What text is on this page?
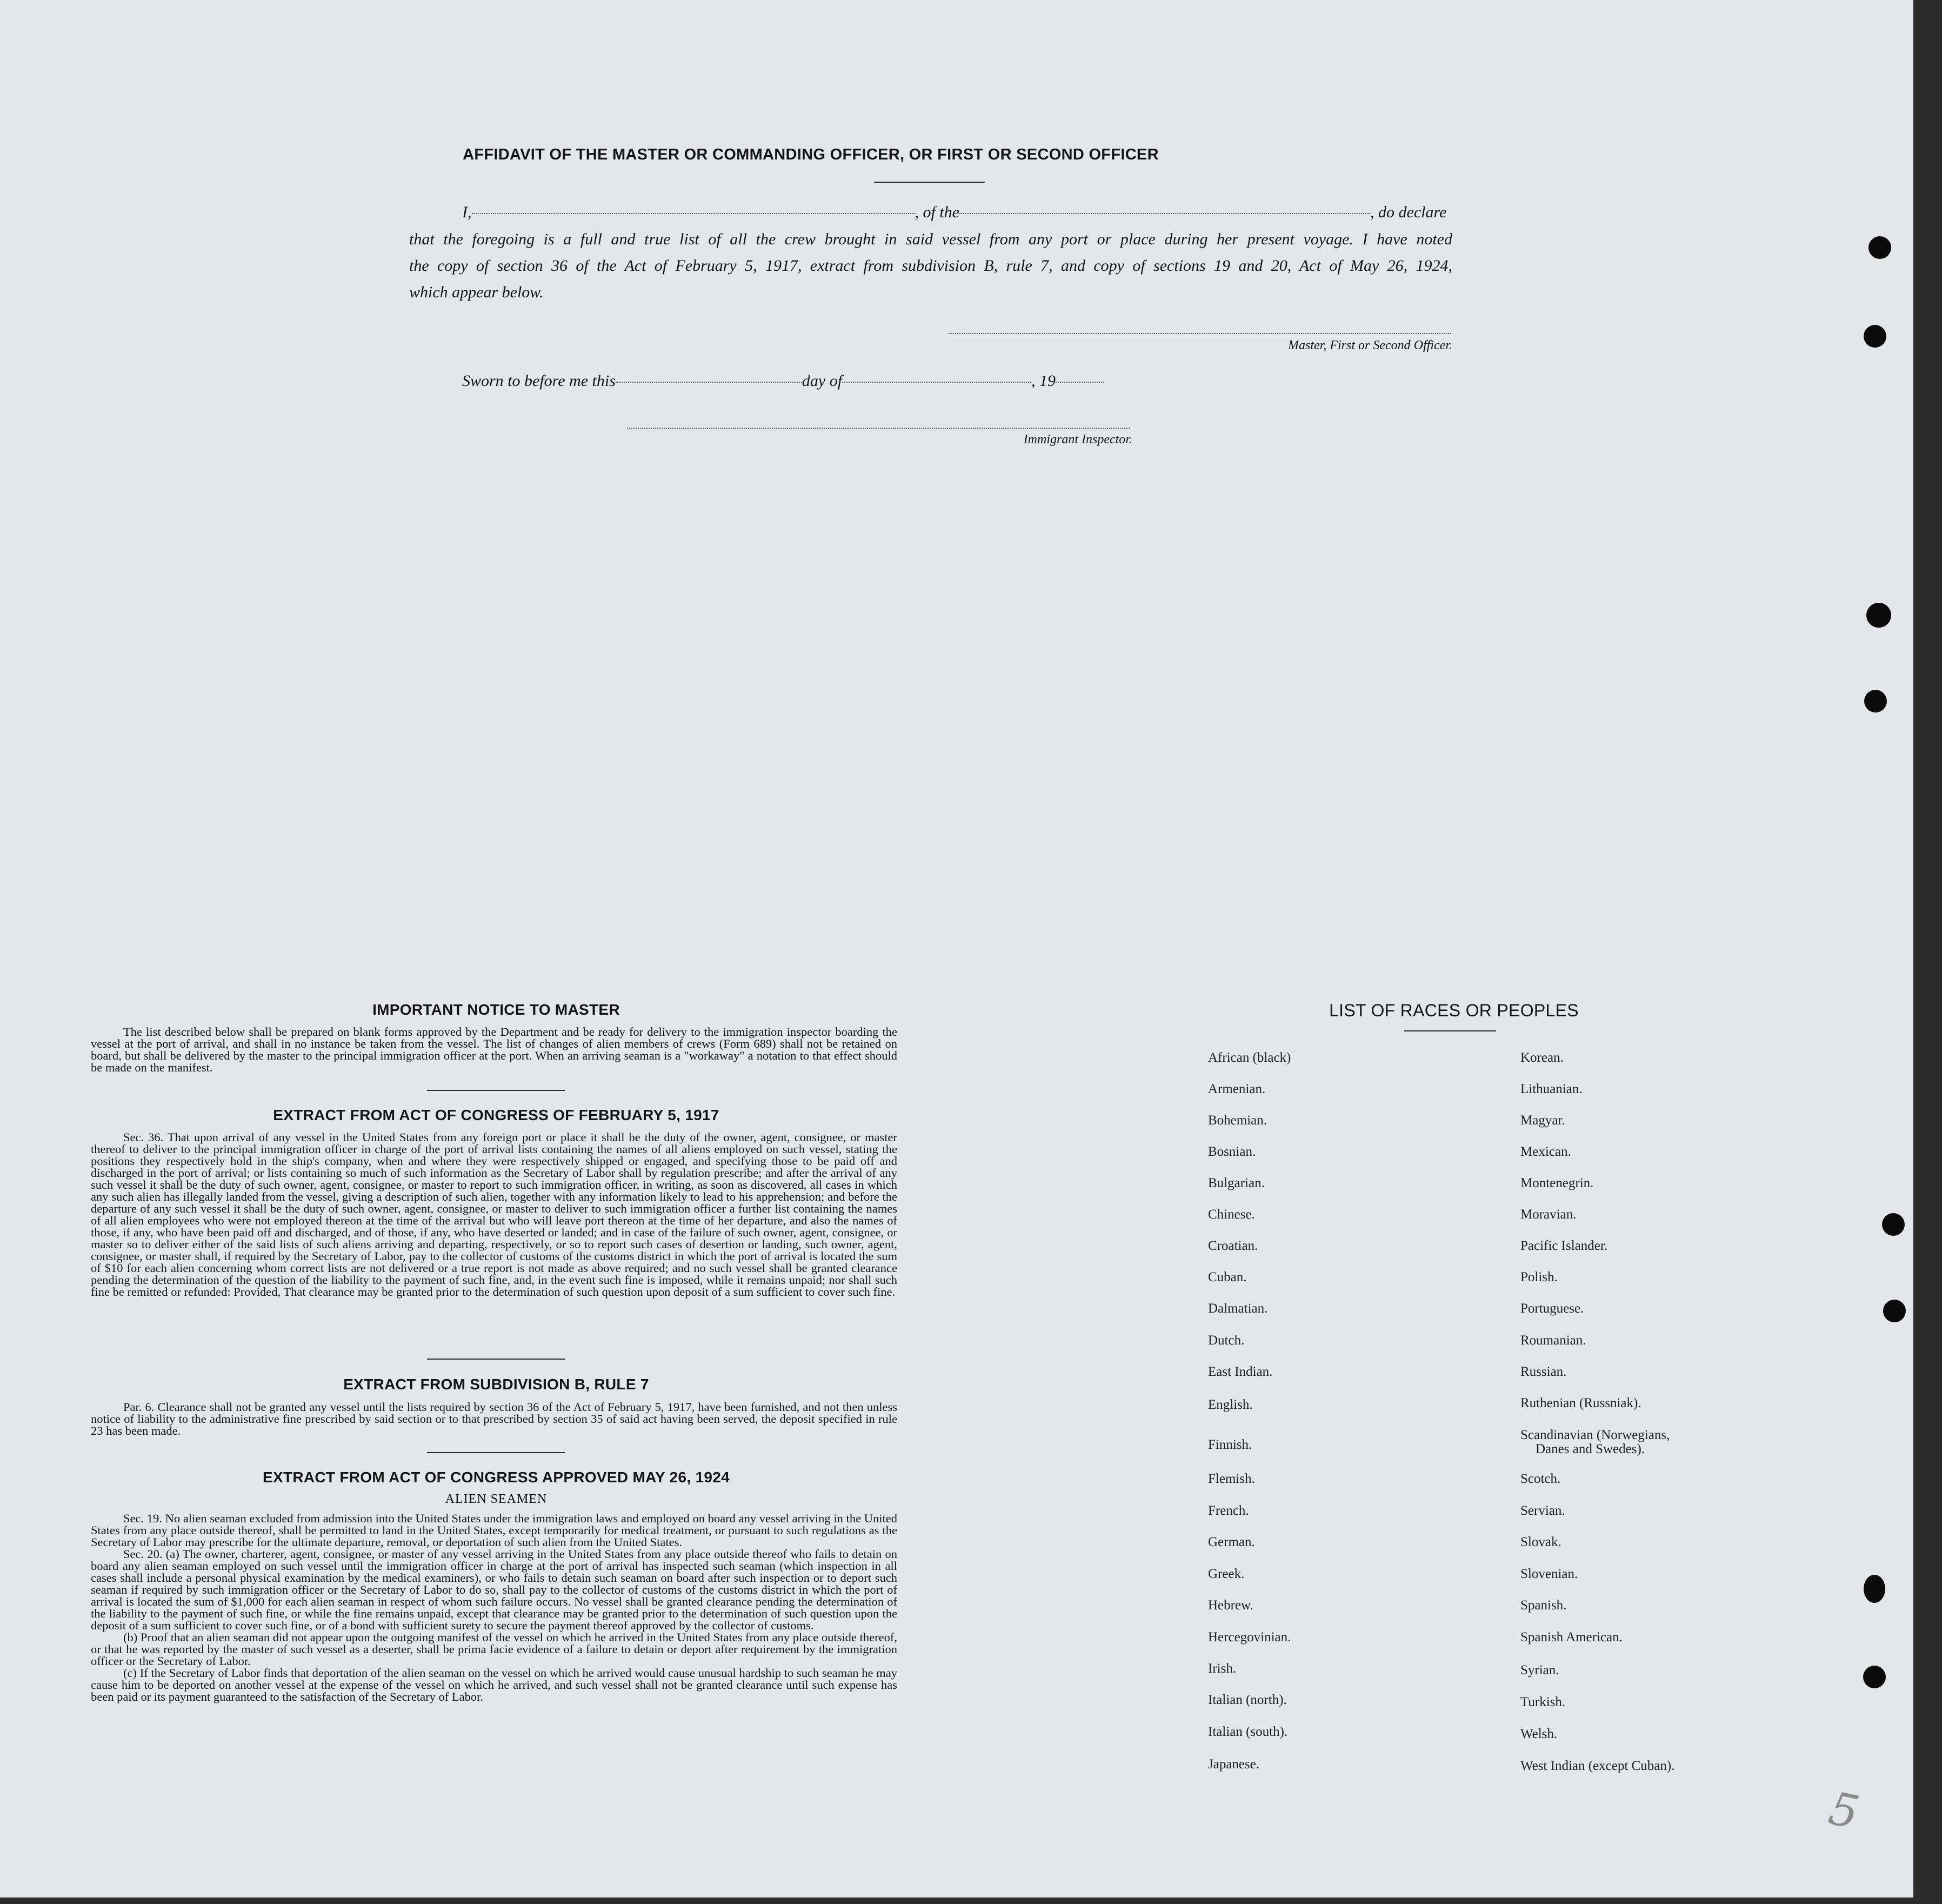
AFFIDAVIT OF THE MASTER OR COMMANDING OFFICER, OR FIRST OR SECOND OFFICER
I,	, of the	, do declare
that the foregoing is a full and true list of all the crew brought in said vessel from any port or place during her present voyage. I have noted
the copy of section 36 of the Act of February 5, 1917, extract from subdivision B, rule 7, and copy of sections 19 and 20, Act of May 26, 1924,
which appear below.
Master, First or Second Officer.
Sworn to before me this	day of	, 19
Immigrant Inspector.
IMPORTANT NOTICE TO MASTER

The list described below shall be prepared on blank forms approved by the Department and be ready for delivery to the immigration inspector boarding the vessel at the port of arrival, and shall in no instance be taken from the vessel. The list of changes of alien members of crews (Form 689) shall not be retained on board, but shall be delivered by the master to the principal immigration officer at the port. When an arriving seaman is a "workaway" a notation to that effect should be made on the manifest.

EXTRACT FROM ACT OF CONGRESS OF FEBRUARY 5, 1917

Sec. 36. That upon arrival of any vessel in the United States from any foreign port or place it shall be the duty of the owner, agent, consignee, or master thereof to deliver to the principal immigration officer in charge of the port of arrival lists containing the names of all aliens employed on such vessel, stating the positions they respectively hold in the ship's company, when and where they were respectively shipped or engaged, and specifying those to be paid off and discharged in the port of arrival; or lists containing so much of such information as the Secretary of Labor shall by regulation prescribe; and after the arrival of any such vessel it shall be the duty of such owner, agent, consignee, or master to report to such immigration officer, in writing, as soon as discovered, all cases in which any such alien has illegally landed from the vessel, giving a description of such alien, together with any information likely to lead to his apprehension; and before the departure of any such vessel it shall be the duty of such owner, agent, consignee, or master to deliver to such immigration officer a further list containing the names of all alien employees who were not employed thereon at the time of the arrival but who will leave port thereon at the time of her departure, and also the names of those, if any, who have been paid off and discharged, and of those, if any, who have deserted or landed; and in case of the failure of such owner, agent, consignee, or master so to deliver either of the said lists of such aliens arriving and departing, respectively, or so to report such cases of desertion or landing, such owner, agent, consignee, or master shall, if required by the Secretary of Labor, pay to the collector of customs of the customs district in which the port of arrival is located the sum of $10 for each alien concerning whom correct lists are not delivered or a true report is not made as above required; and no such vessel shall be granted clearance pending the determination of the question of the liability to the payment of such fine, and, in the event such fine is imposed, while it remains unpaid; nor shall such fine be remitted or refunded: Provided, That clearance may be granted prior to the determination of such question upon deposit of a sum sufficient to cover such fine.

EXTRACT FROM SUBDIVISION B, RULE 7

Par. 6. Clearance shall not be granted any vessel until the lists required by section 36 of the Act of February 5, 1917, have been furnished, and not then unless notice of liability to the administrative fine prescribed by said section or to that prescribed by section 35 of said act having been served, the deposit specified in rule 23 has been made.

EXTRACT FROM ACT OF CONGRESS APPROVED MAY 26, 1924
ALIEN SEAMEN

Sec. 19. No alien seaman excluded from admission into the United States under the immigration laws and employed on board any vessel arriving in the United States from any place outside thereof, shall be permitted to land in the United States, except temporarily for medical treatment, or pursuant to such regulations as the Secretary of Labor may prescribe for the ultimate departure, removal, or deportation of such alien from the United States.

Sec. 20. (a) The owner, charterer, agent, consignee, or master of any vessel arriving in the United States from any place outside thereof who fails to detain on board any alien seaman employed on such vessel until the immigration officer in charge at the port of arrival has inspected such seaman (which inspection in all cases shall include a personal physical examination by the medical examiners), or who fails to detain such seaman on board after such inspection or to deport such seaman if required by such immigration officer or the Secretary of Labor to do so, shall pay to the collector of customs of the customs district in which the port of arrival is located the sum of $1,000 for each alien seaman in respect of whom such failure occurs. No vessel shall be granted clearance pending the determination of the liability to the payment of such fine, or while the fine remains unpaid, except that clearance may be granted prior to the determination of such question upon the deposit of a sum sufficient to cover such fine, or of a bond with sufficient surety to secure the payment thereof approved by the collector of customs.

(b) Proof that an alien seaman did not appear upon the outgoing manifest of the vessel on which he arrived in the United States from any place outside thereof, or that he was reported by the master of such vessel as a deserter, shall be prima facie evidence of a failure to detain or deport after requirement by the immigration officer or the Secretary of Labor.

(c) If the Secretary of Labor finds that deportation of the alien seaman on the vessel on which he arrived would cause unusual hardship to such seaman he may cause him to be deported on another vessel at the expense of the vessel on which he arrived, and such vessel shall not be granted clearance until such expense has been paid or its payment guaranteed to the satisfaction of the Secretary of Labor.

LIST OF RACES OR PEOPLES
African (black)
Armenian.
Bohemian.
Bosnian.
Bulgarian.
Chinese.
Croatian.
Cuban.
Dalmatian.
Dutch.
East Indian.
English.
Finnish.
Flemish.
French.
German.
Greek.
Hebrew.
Hercegovinian.
Irish.
Italian (north).
Italian (south).
Japanese.
Korean.
Lithuanian.
Magyar.
Mexican.
Montenegrin.
Moravian.
Pacific Islander.
Polish.
Portuguese.
Roumanian.
Russian.
Ruthenian (Russniak).
Scandinavian (Norwegians,
Danes and Swedes).
Scotch.
Servian.
Slovak.
Slovenian.
Spanish.
Spanish American.
Syrian.
Turkish.
Welsh.
West Indian (except Cuban).
5
